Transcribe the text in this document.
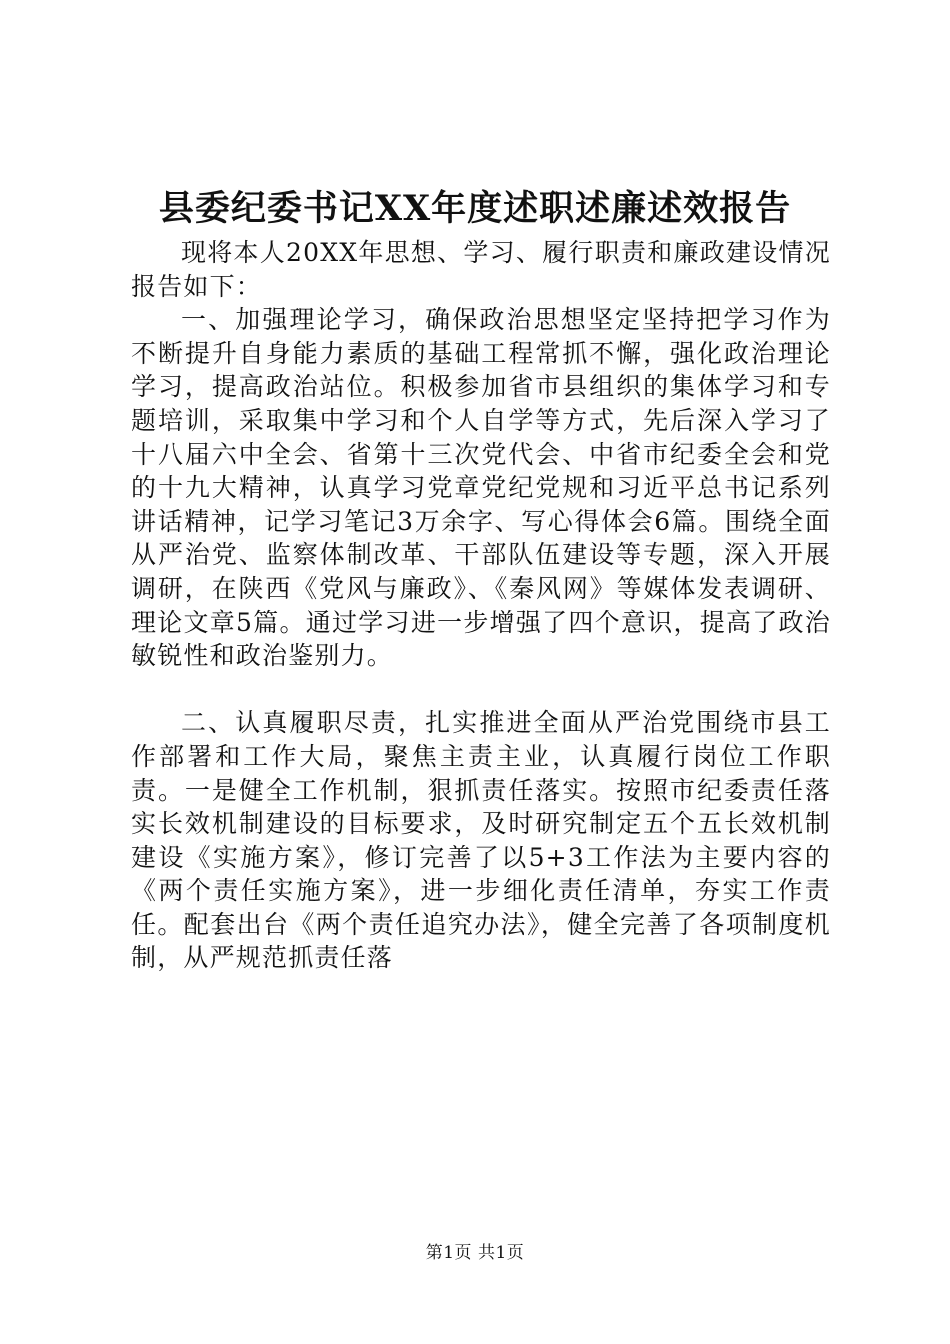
县委纪委书记XX年度述职述廉述效报告

现将本人20XX年思想、学习、履行职责和廉政建设情况报告如下：

一、加强理论学习，确保政治思想坚定坚持把学习作为不断提升自身能力素质的基础工程常抓不懈，强化政治理论学习，提高政治站位。积极参加省市县组织的集体学习和专题培训，采取集中学习和个人自学等方式，先后深入学习了十八届六中全会、省第十三次党代会、中省市纪委全会和党的十九大精神，认真学习党章党纪党规和习近平总书记系列讲话精神，记学习笔记3万余字、写心得体会6篇。围绕全面从严治党、监察体制改革、干部队伍建设等专题，深入开展调研，在陕西《党风与廉政》、《秦风网》等媒体发表调研、理论文章5篇。通过学习进一步增强了四个意识，提高了政治敏锐性和政治鉴别力。

二、认真履职尽责，扎实推进全面从严治党围绕市县工作部署和工作大局，聚焦主责主业，认真履行岗位工作职责。一是健全工作机制，狠抓责任落实。按照市纪委责任落实长效机制建设的目标要求，及时研究制定五个五长效机制建设《实施方案》，修订完善了以5+3工作法为主要内容的《两个责任实施方案》，进一步细化责任清单，夯实工作责任。配套出台《两个责任追究办法》，健全完善了各项制度机制，从严规范抓责任落

第1页 共1页
